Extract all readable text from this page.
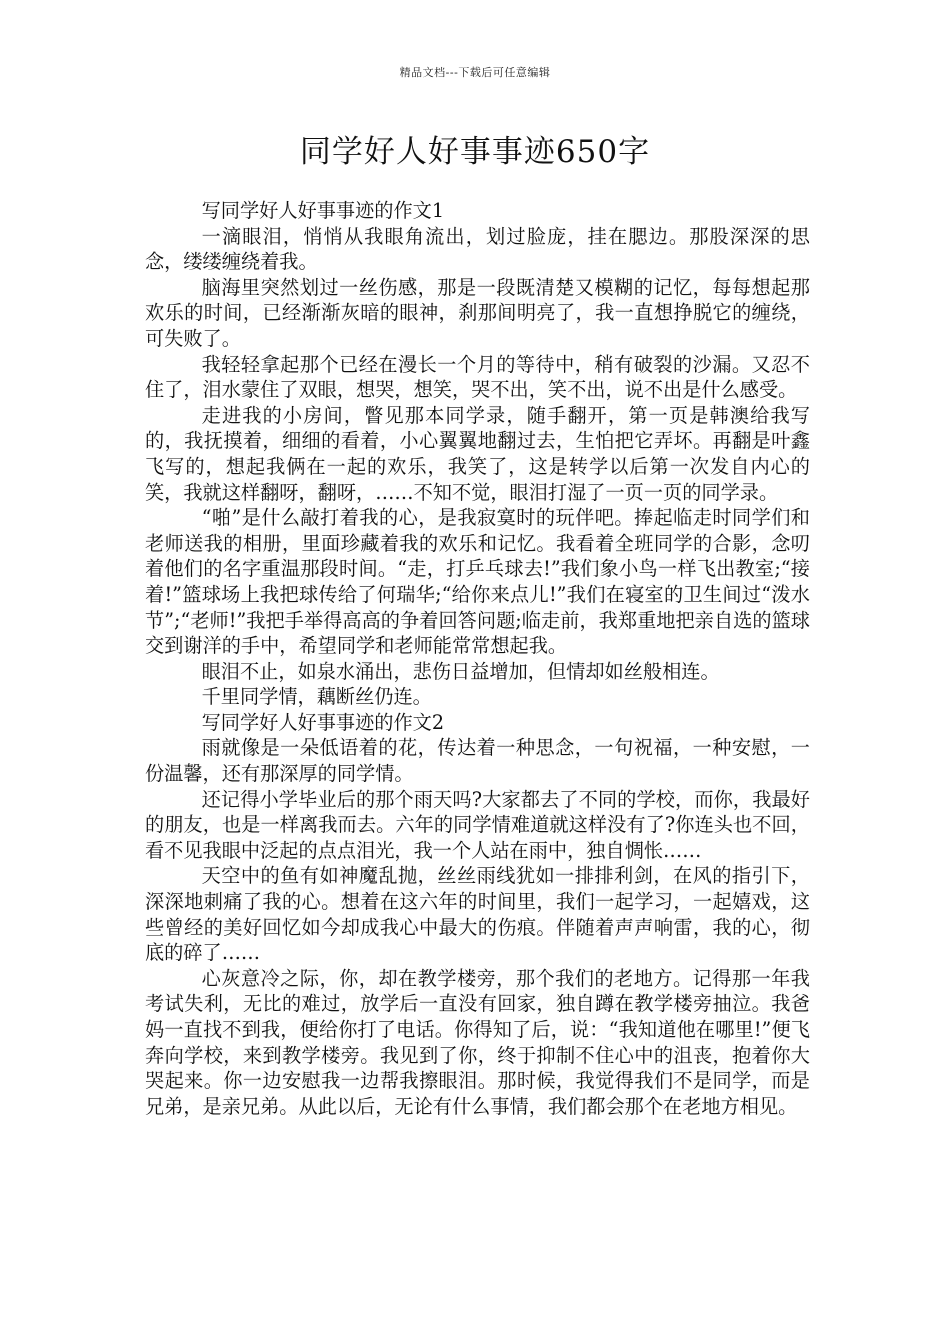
精品文档---下载后可任意编辑
同学好人好事事迹650字

写同学好人好事事迹的作文1

一滴眼泪，悄悄从我眼角流出，划过脸庞，挂在腮边。那股深深的思念，缕缕缠绕着我。

脑海里突然划过一丝伤感，那是一段既清楚又模糊的记忆，每每想起那欢乐的时间，已经渐渐灰暗的眼神，刹那间明亮了，我一直想挣脱它的缠绕，可失败了。

我轻轻拿起那个已经在漫长一个月的等待中，稍有破裂的沙漏。又忍不住了，泪水蒙住了双眼，想哭，想笑，哭不出，笑不出，说不出是什么感受。

走进我的小房间，瞥见那本同学录，随手翻开，第一页是韩澳给我写的，我抚摸着，细细的看着，小心翼翼地翻过去，生怕把它弄坏。再翻是叶鑫飞写的，想起我俩在一起的欢乐，我笑了，这是转学以后第一次发自内心的笑，我就这样翻呀，翻呀，……不知不觉，眼泪打湿了一页一页的同学录。

“啪”是什么敲打着我的心，是我寂寞时的玩伴吧。捧起临走时同学们和老师送我的相册，里面珍藏着我的欢乐和记忆。我看着全班同学的合影，念叨着他们的名字重温那段时间。“走，打乒乓球去!”我们象小鸟一样飞出教室;“接着!”篮球场上我把球传给了何瑞华;“给你来点儿!”我们在寝室的卫生间过“泼水节”;“老师!”我把手举得高高的争着回答问题;临走前，我郑重地把亲自选的篮球交到谢洋的手中，希望同学和老师能常常想起我。

眼泪不止，如泉水涌出，悲伤日益增加，但情却如丝般相连。

千里同学情，藕断丝仍连。

写同学好人好事事迹的作文2

雨就像是一朵低语着的花，传达着一种思念，一句祝福，一种安慰，一份温馨，还有那深厚的同学情。

还记得小学毕业后的那个雨天吗?大家都去了不同的学校，而你，我最好的朋友，也是一样离我而去。六年的同学情难道就这样没有了?你连头也不回，看不见我眼中泛起的点点泪光，我一个人站在雨中，独自惆怅……

天空中的鱼有如神魔乱抛，丝丝雨线犹如一排排利剑，在风的指引下，深深地刺痛了我的心。想着在这六年的时间里，我们一起学习，一起嬉戏，这些曾经的美好回忆如今却成我心中最大的伤痕。伴随着声声响雷，我的心，彻底的碎了……

心灰意冷之际，你，却在教学楼旁，那个我们的老地方。记得那一年我考试失利，无比的难过，放学后一直没有回家，独自蹲在教学楼旁抽泣。我爸妈一直找不到我，便给你打了电话。你得知了后，说：“我知道他在哪里!”便飞奔向学校，来到教学楼旁。我见到了你，终于抑制不住心中的沮丧，抱着你大哭起来。你一边安慰我一边帮我擦眼泪。那时候，我觉得我们不是同学，而是兄弟，是亲兄弟。从此以后，无论有什么事情，我们都会那个在老地方相见。
